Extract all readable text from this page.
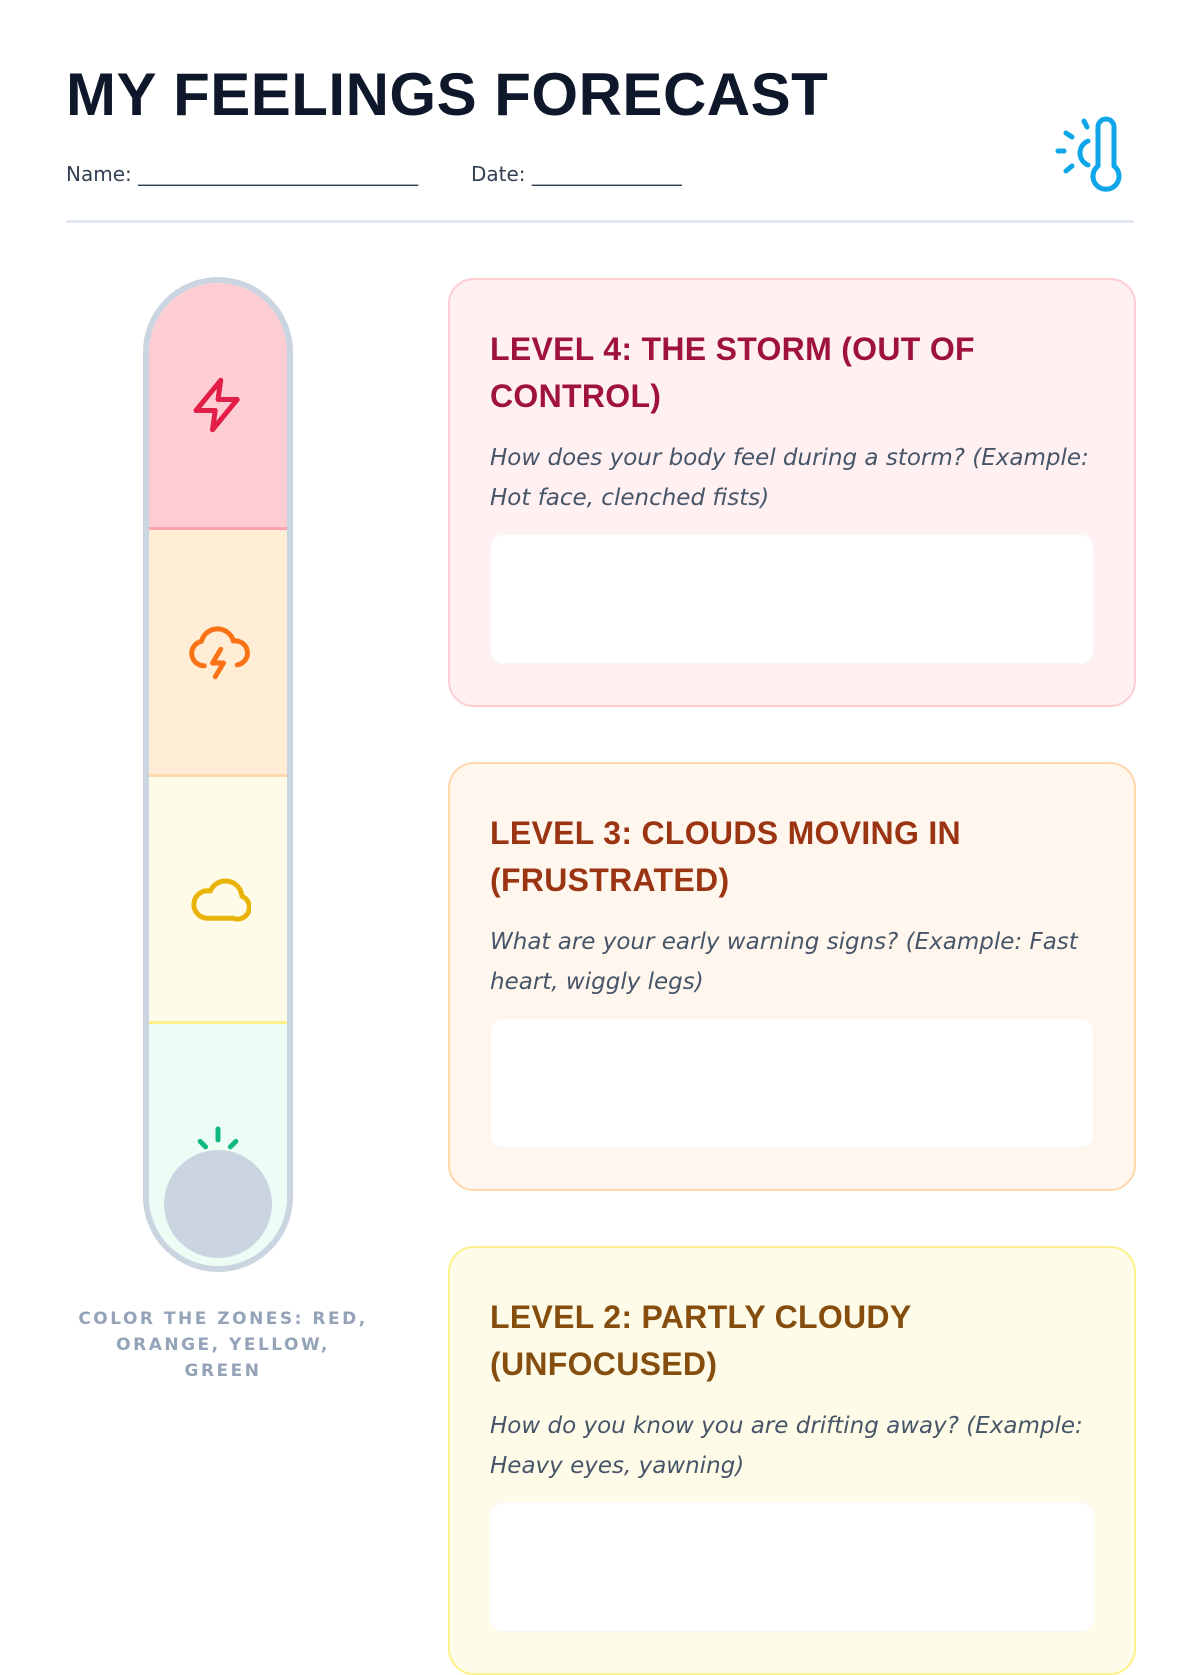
MY FEELINGS FORECAST
Name: ____________________________	Date: _______________
COLOR THE ZONES: RED, ORANGE, YELLOW, GREEN
LEVEL 4: THE STORM (OUT OF CONTROL)

How does your body feel during a storm? (Example: Hot face, clenched fists)

LEVEL 3: CLOUDS MOVING IN (FRUSTRATED)

What are your early warning signs? (Example: Fast heart, wiggly legs)

LEVEL 2: PARTLY CLOUDY (UNFOCUSED)

How do you know you are drifting away? (Example: Heavy eyes, yawning)
